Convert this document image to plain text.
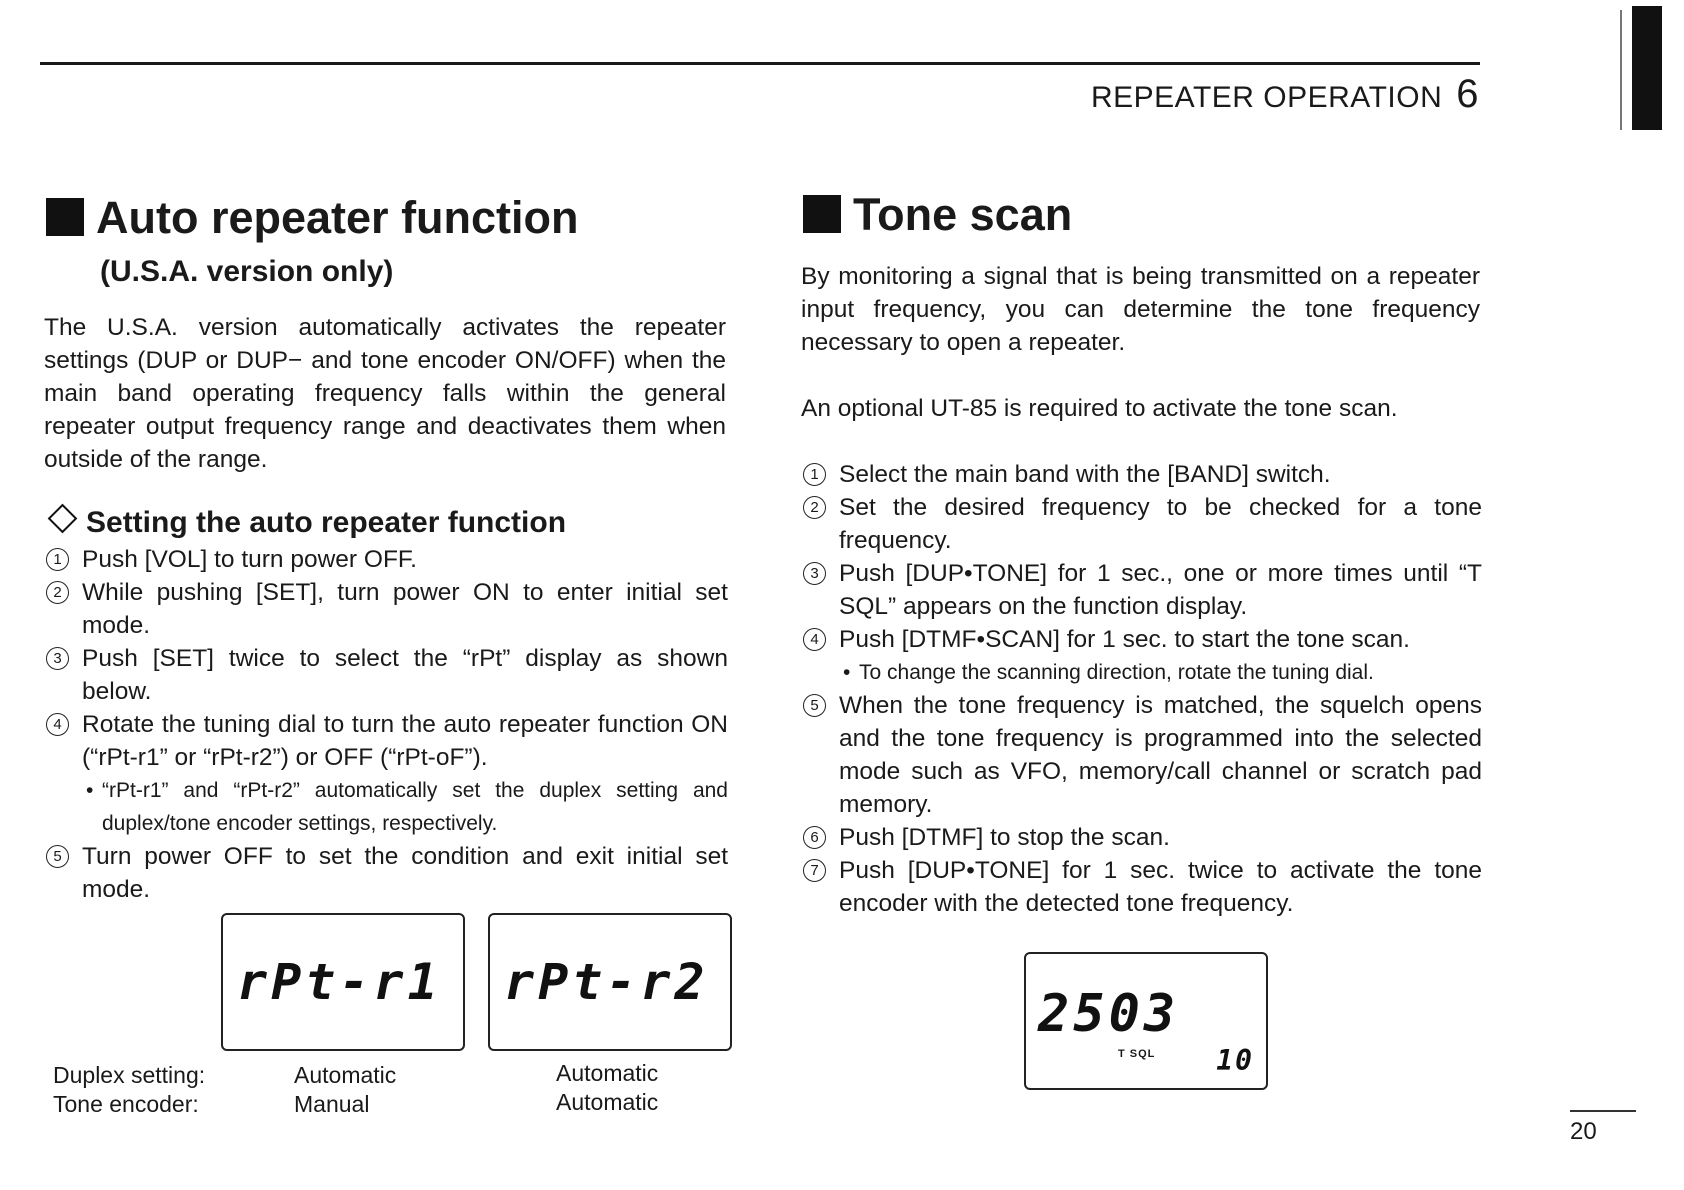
REPEATER OPERATION 6
Auto repeater function
(U.S.A. version only)
The U.S.A. version automatically activates the repeater settings (DUP or DUP− and tone encoder ON/OFF) when the main band operating frequency falls within the general repeater output frequency range and deactivates them when outside of the range.
Setting the auto repeater function
1 Push [VOL] to turn power OFF.
2 While pushing [SET], turn power ON to enter initial set mode.
3 Push [SET] twice to select the “rPt” display as shown below.
4 Rotate the tuning dial to turn the auto repeater function ON (“rPt-r1” or “rPt-r2”) or OFF (“rPt-oF”).
• “rPt-r1” and “rPt-r2” automatically set the duplex setting and duplex/tone encoder settings, respectively.
5 Turn power OFF to set the condition and exit initial set mode.
rPt-r1 rPt-r2
Duplex setting:
Tone encoder:
Automatic
Manual
Automatic
Automatic
Tone scan
By monitoring a signal that is being transmitted on a repeater input frequency, you can determine the tone frequency necessary to open a repeater.
An optional UT-85 is required to activate the tone scan.
1 Select the main band with the [BAND] switch.
2 Set the desired frequency to be checked for a tone frequency.
3 Push [DUP•TONE] for 1 sec., one or more times until “T SQL” appears on the function display.
4 Push [DTMF•SCAN] for 1 sec. to start the tone scan.
• To change the scanning direction, rotate the tuning dial.
5 When the tone frequency is matched, the squelch opens and the tone frequency is programmed into the selected mode such as VFO, memory/call channel or scratch pad memory.
6 Push [DTMF] to stop the scan.
7 Push [DUP•TONE] for 1 sec. twice to activate the tone encoder with the detected tone frequency.
2503
T SQL 10
20
